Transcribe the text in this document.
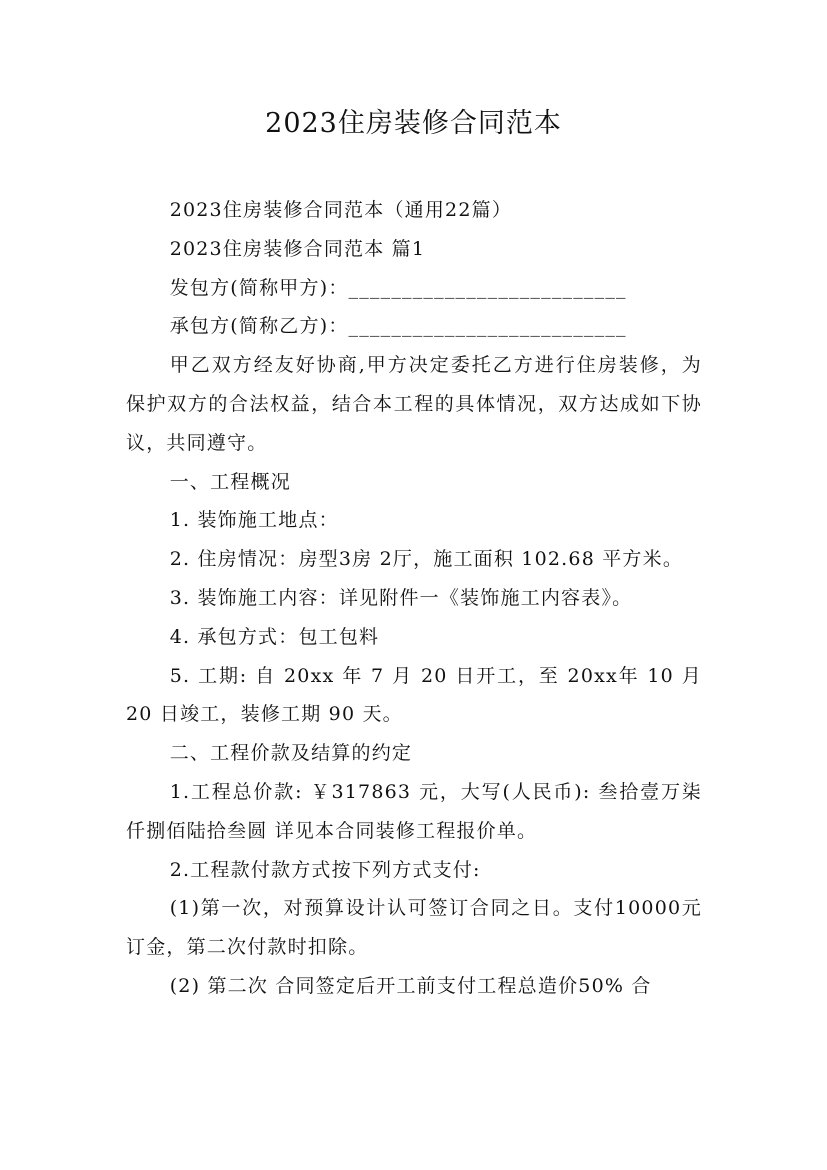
2023住房装修合同范本

2023住房装修合同范本（通用22篇）

2023住房装修合同范本 篇1

发包方(简称甲方)：__________________________

承包方(简称乙方)：__________________________

甲乙双方经友好协商,甲方决定委托乙方进行住房装修，为保护双方的合法权益，结合本工程的具体情况，双方达成如下协议，共同遵守。

一、工程概况

1. 装饰施工地点：

2. 住房情况：房型3房 2厅，施工面积 102.68 平方米。

3. 装饰施工内容：详见附件一《装饰施工内容表》。

4. 承包方式：包工包料

5. 工期: 自 20xx 年 7 月 20 日开工，至 20xx年 10 月 20 日竣工，装修工期 90 天。

二、工程价款及结算的约定

1.工程总价款: ￥317863 元，大写(人民币): 叁拾壹万柒仟捌佰陆拾叁圆 详见本合同装修工程报价单。

2.工程款付款方式按下列方式支付:

(1)第一次，对预算设计认可签订合同之日。支付10000元订金，第二次付款时扣除。

(2) 第二次 合同签定后开工前支付工程总造价50% 合
